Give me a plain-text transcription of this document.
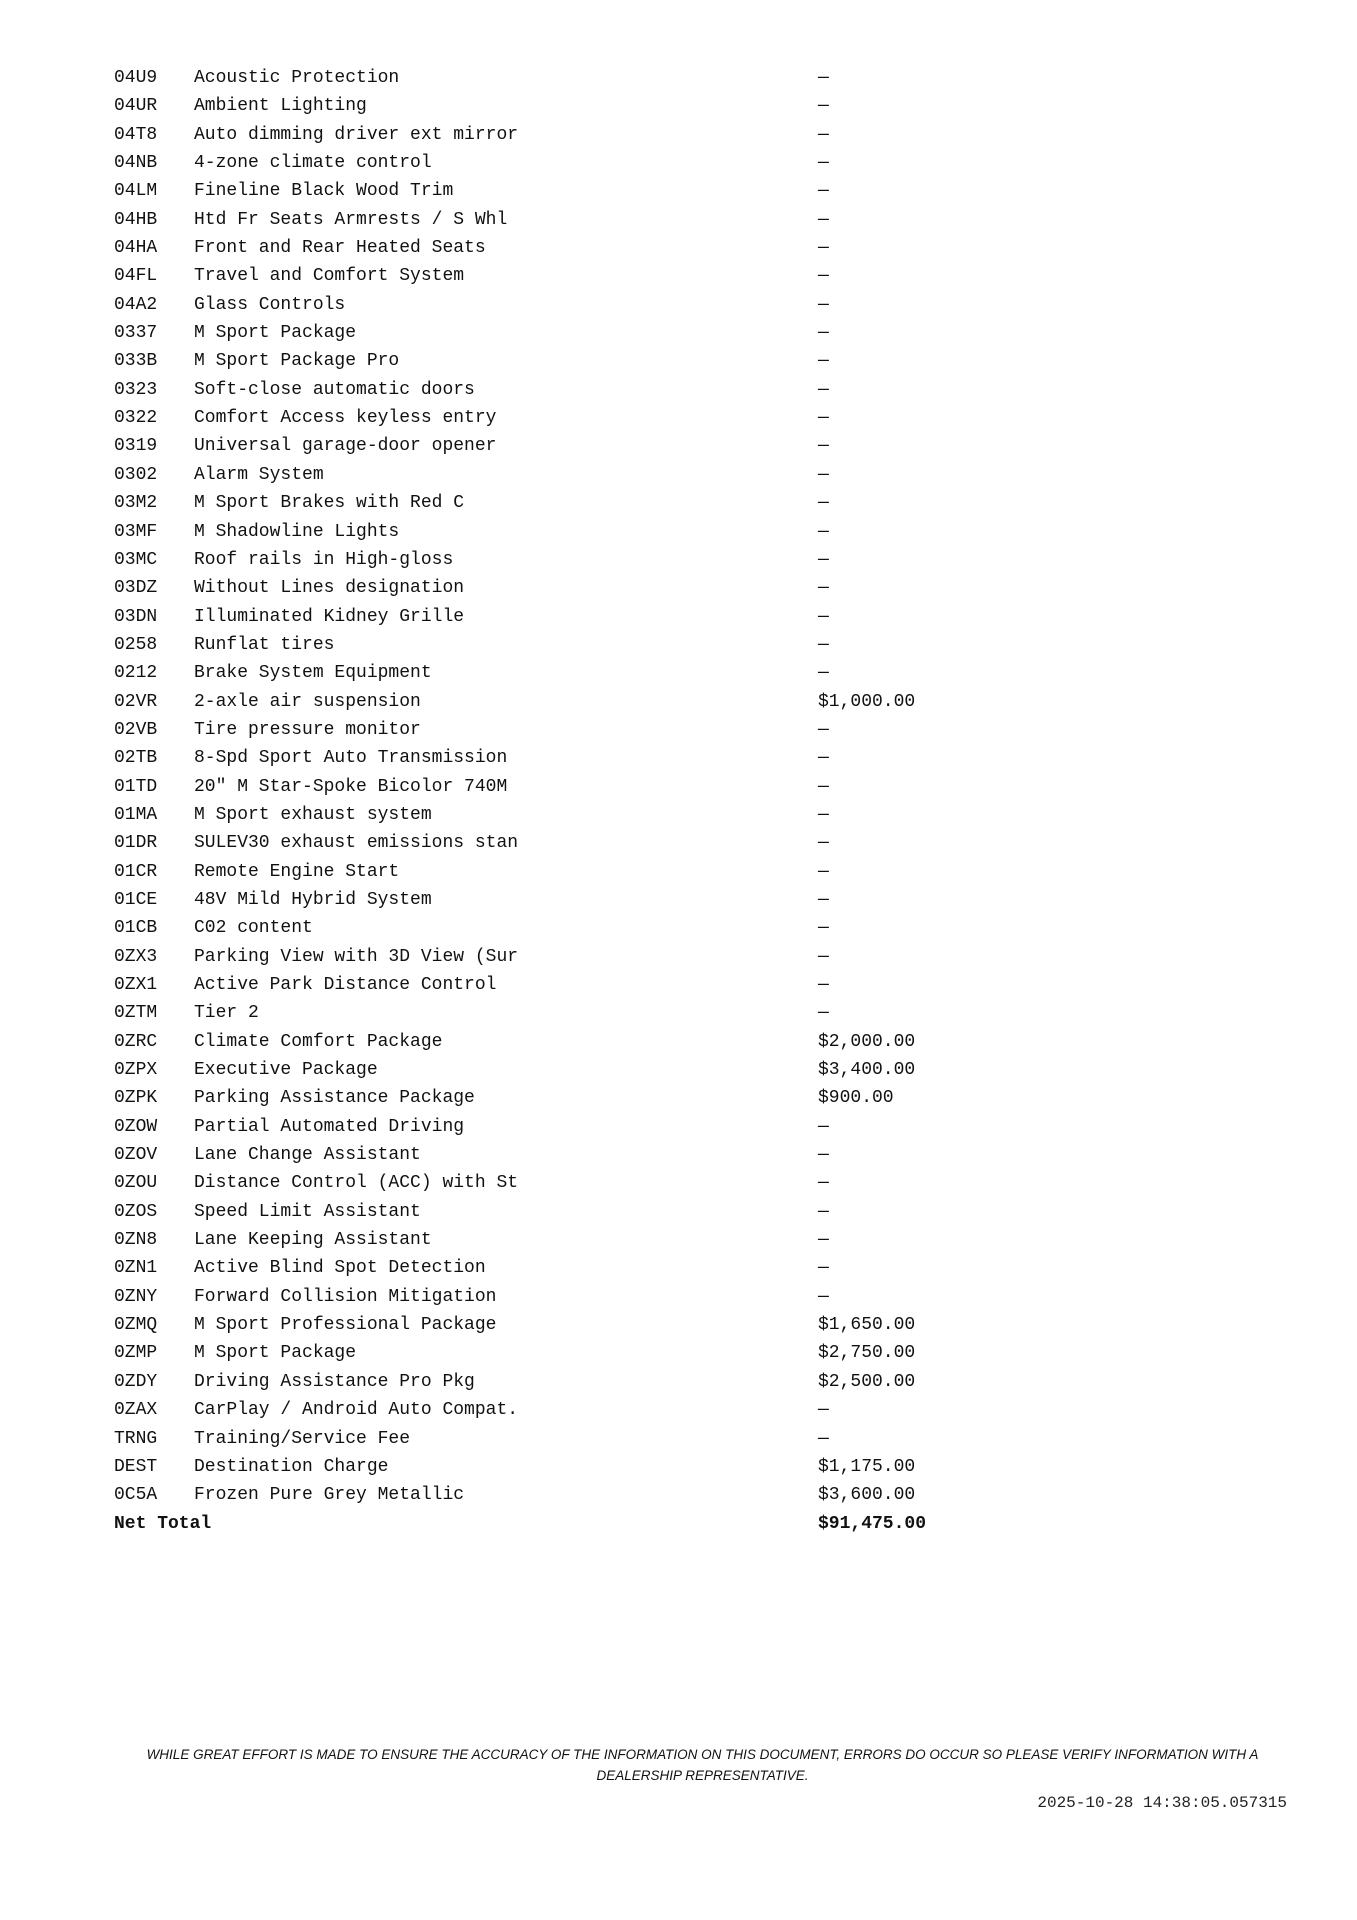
04U9	Acoustic Protection	—
04UR	Ambient Lighting	—
04T8	Auto dimming driver ext mirror	—
04NB	4-zone climate control	—
04LM	Fineline Black Wood Trim	—
04HB	Htd Fr Seats Armrests / S Whl	—
04HA	Front and Rear Heated Seats	—
04FL	Travel and Comfort System	—
04A2	Glass Controls	—
0337	M Sport Package	—
033B	M Sport Package Pro	—
0323	Soft-close automatic doors	—
0322	Comfort Access keyless entry	—
0319	Universal garage-door opener	—
0302	Alarm System	—
03M2	M Sport Brakes with Red C	—
03MF	M Shadowline Lights	—
03MC	Roof rails in High-gloss	—
03DZ	Without Lines designation	—
03DN	Illuminated Kidney Grille	—
0258	Runflat tires	—
0212	Brake System Equipment	—
02VR	2-axle air suspension	$1,000.00
02VB	Tire pressure monitor	—
02TB	8-Spd Sport Auto Transmission	—
01TD	20" M Star-Spoke Bicolor 740M	—
01MA	M Sport exhaust system	—
01DR	SULEV30 exhaust emissions stan	—
01CR	Remote Engine Start	—
01CE	48V Mild Hybrid System	—
01CB	C02 content	—
0ZX3	Parking View with 3D View (Sur	—
0ZX1	Active Park Distance Control	—
0ZTM	Tier 2	—
0ZRC	Climate Comfort Package	$2,000.00
0ZPX	Executive Package	$3,400.00
0ZPK	Parking Assistance Package	$900.00
0ZOW	Partial Automated Driving	—
0ZOV	Lane Change Assistant	—
0ZOU	Distance Control (ACC) with St	—
0ZOS	Speed Limit Assistant	—
0ZN8	Lane Keeping Assistant	—
0ZN1	Active Blind Spot Detection	—
0ZNY	Forward Collision Mitigation	—
0ZMQ	M Sport Professional Package	$1,650.00
0ZMP	M Sport Package	$2,750.00
0ZDY	Driving Assistance Pro Pkg	$2,500.00
0ZAX	CarPlay / Android Auto Compat.	—
TRNG	Training/Service Fee	—
DEST	Destination Charge	$1,175.00
0C5A	Frozen Pure Grey Metallic	$3,600.00
Net Total	$91,475.00
WHILE GREAT EFFORT IS MADE TO ENSURE THE ACCURACY OF THE INFORMATION ON THIS DOCUMENT, ERRORS DO OCCUR SO PLEASE VERIFY INFORMATION WITH A DEALERSHIP REPRESENTATIVE.
2025-10-28 14:38:05.057315
